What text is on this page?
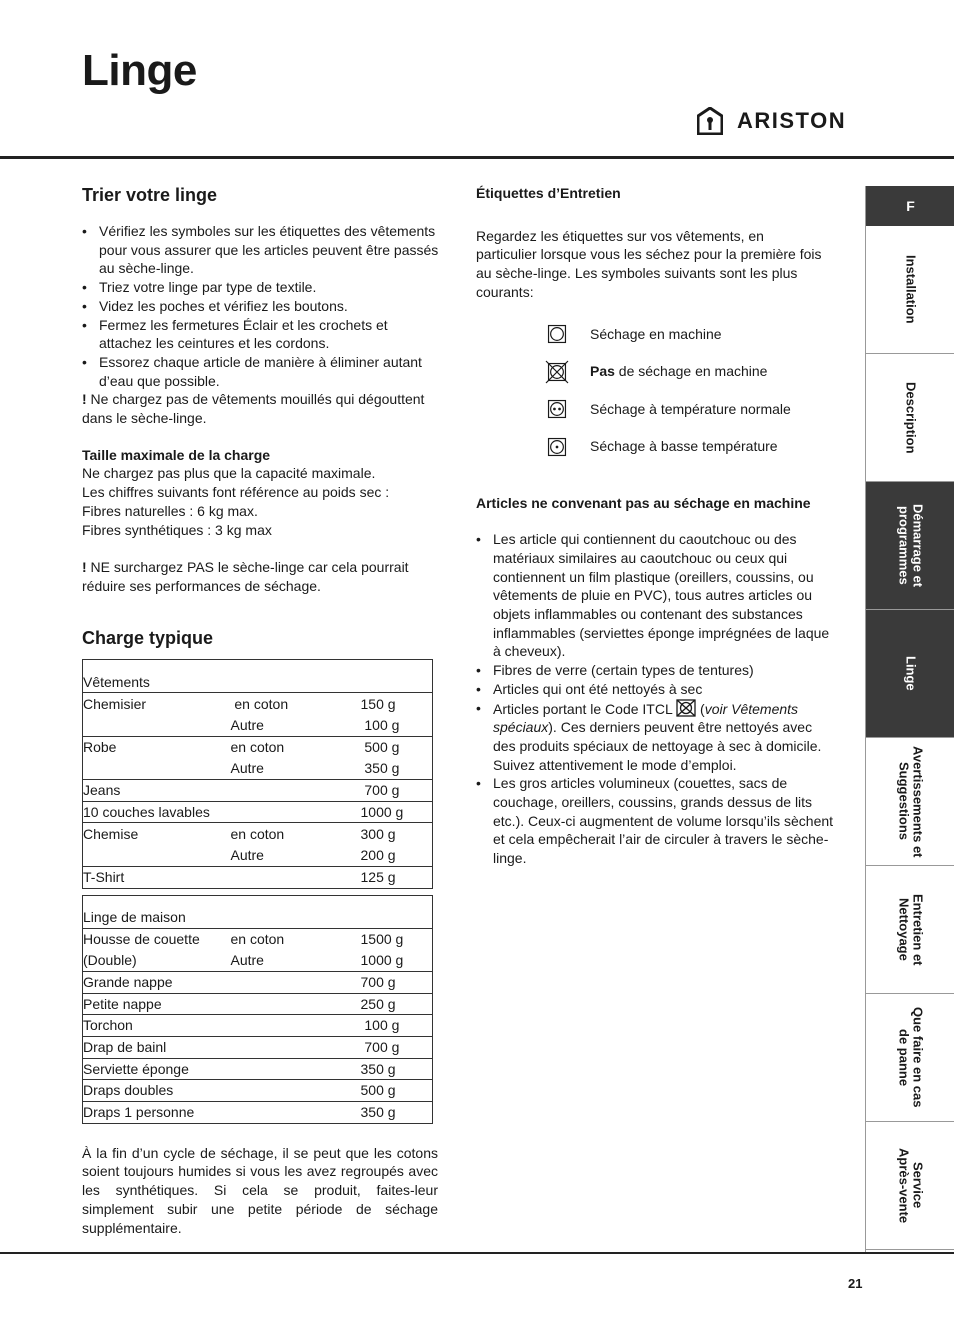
Linge
ARISTON
Trier votre linge
• Vérifiez les symboles sur les étiquettes des vêtements pour vous assurer que les articles peuvent être passés au sèche-linge.
• Triez votre linge par type de textile.
• Videz les poches et vérifiez les boutons.
• Fermez les fermetures Éclair et les crochets et attachez les ceintures et les cordons.
• Essorez chaque article de manière à éliminer autant d’eau que possible.

! Ne chargez pas de vêtements mouillés qui dégouttent dans le sèche-linge.

Taille maximale de la charge
Ne chargez pas plus que la capacité maximale.
Les chiffres suivants font référence au poids sec :
Fibres naturelles : 6 kg max.
Fibres synthétiques : 3 kg max

! NE surchargez PAS le sèche-linge car cela pourrait réduire ses performances de séchage.

Charge typique
Vêtements		
Chemisier	en coton	150 g
	Autre	100 g
Robe	en coton	500 g
	Autre	350 g
Jeans		700 g
10 couches lavables		1000 g
Chemise	en coton	300 g
	Autre	200 g
T-Shirt		125 g
Linge de maison		
Housse de couette	en coton	1500 g
(Double)	Autre	1000 g
Grande nappe		700 g
Petite nappe		250 g
Torchon		100 g
Drap de bainl		700 g
Serviette éponge		350 g
Draps doubles		500 g
Draps 1 personne		350 g

À la fin d’un cycle de séchage, il se peut que les cotons soient toujours humides si vous les avez regroupés avec les synthétiques. Si cela se produit, faites-leur simplement subir une petite période de séchage supplémentaire.

Étiquettes d’Entretien

Regardez les étiquettes sur vos vêtements, en particulier lorsque vous les séchez pour la première fois au sèche-linge. Les symboles suivants sont les plus courants:

Séchage en machine
Pas de séchage en machine
Séchage à température normale
Séchage à basse température
Articles ne convenant pas au séchage en machine
• Les article qui contiennent du caoutchouc ou des matériaux similaires au caoutchouc ou ceux qui contiennent un film plastique (oreillers, coussins, ou vêtements de pluie en PVC), tous autres articles ou objets inflammables ou contenant des substances inflammables (serviettes éponge imprégnées de laque à cheveux).
• Fibres de verre (certain types de tentures)
• Articles qui ont été nettoyés à sec
• Articles portant le Code ITCL  (voir Vêtements spéciaux). Ces derniers peuvent être nettoyés avec des produits spéciaux de nettoyage à sec à domicile. Suivez attentivement le mode d’emploi.
• Les gros articles volumineux (couettes, sacs de couchage, oreillers, coussins, grands dessus de lits etc.). Ceux-ci augmentent de volume lorsqu’ils sèchent et cela empêcherait l’air de circuler à travers le sèche-linge.
F
Installation
Description
Démarrage et
programmes
Linge
Avertissements et
Suggestions
Entretien et
Nettoyage
Que faire en cas
de panne
Service
Après-vente
21
